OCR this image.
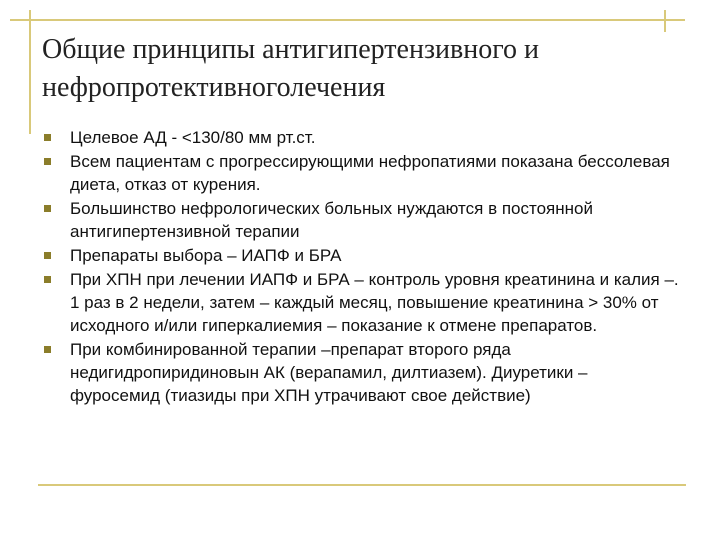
Общие принципы антигипертензивного и
нефропротективноголечения
Целевое АД - <130/80 мм рт.ст.
Всем пациентам с прогрессирующими нефропатиями показана бессолевая диета, отказ от курения.
Большинство нефрологических больных нуждаются в постоянной антигипертензивной терапии
Препараты выбора – ИАПФ и БРА
При ХПН при лечении ИАПФ и БРА – контроль уровня креатинина и калия –. 1 раз в 2 недели, затем – каждый месяц, повышение креатинина > 30% от исходного и/или гиперкалиемия – показание к отмене препаратов.
При комбинированной терапии –препарат второго ряда недигидропиридиновын АК (верапамил, дилтиазем). Диуретики – фуросемид (тиазиды при ХПН утрачивают свое действие)
